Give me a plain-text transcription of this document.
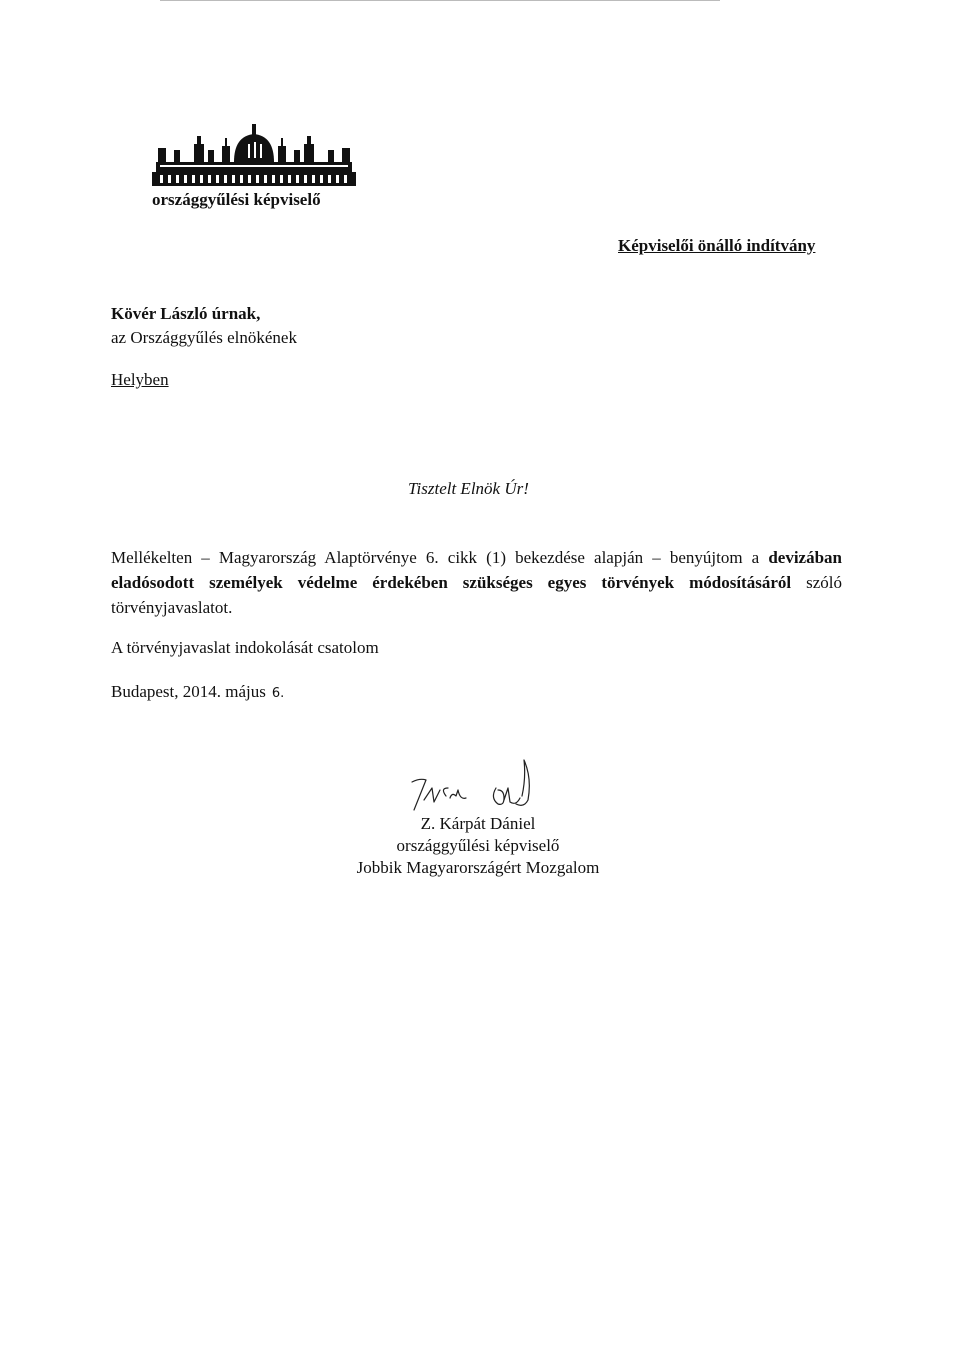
országgyűlési képviselő
Képviselői önálló indítvány
Kövér László úrnak,
az Országgyűlés elnökének
Helyben
Tisztelt Elnök Úr!
Mellékelten – Magyarország Alaptörvénye 6. cikk (1) bekezdése alapján – benyújtom a devizában eladósodott személyek védelme érdekében szükséges egyes törvények módosításáról szóló törvényjavaslatot.
A törvényjavaslat indokolását csatolom
Budapest, 2014. május 6.
Z. Kárpát Dániel
országgyűlési képviselő
Jobbik Magyarországért Mozgalom
